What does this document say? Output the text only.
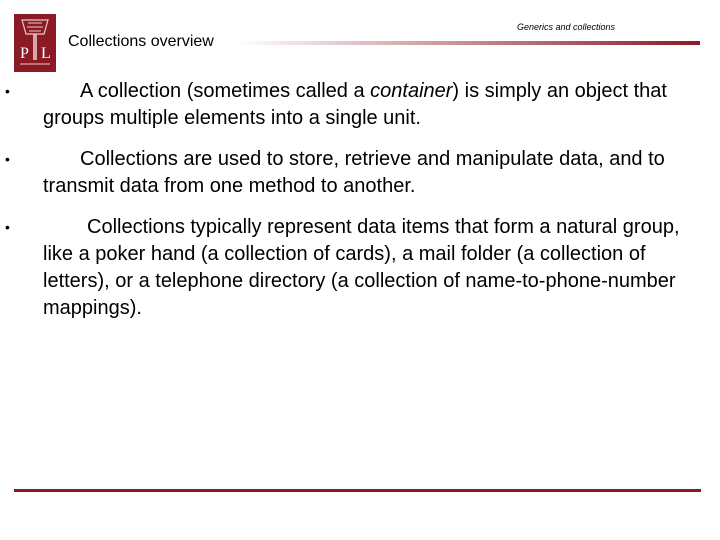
P L
Collections overview
Generics and collections
•	A collection (sometimes called a container) is simply an object that groups multiple elements into a single unit.
•	Collections are used to store, retrieve and manipulate data, and to transmit data from one method to another.
•	Collections typically represent data items that form a natural group, like a poker hand (a collection of cards), a mail folder (a collection of letters), or a telephone directory (a collection of name-to-phone-number mappings).
